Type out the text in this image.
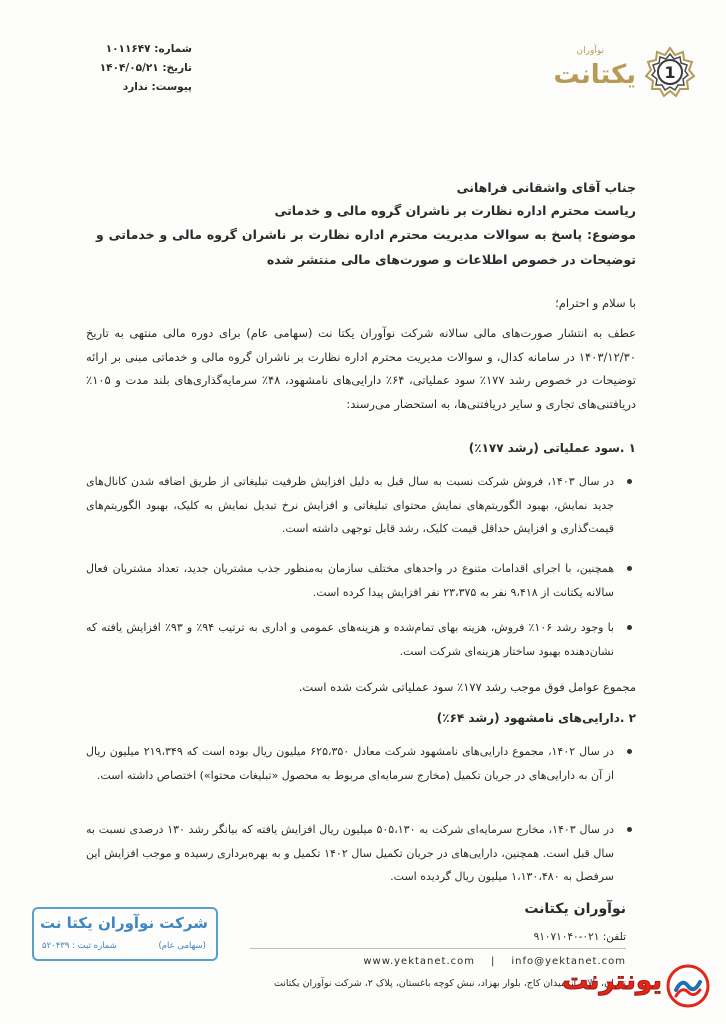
شماره: ۱۰۱۱۶۴۷
تاریخ: ۱۴۰۴/۰۵/۲۱
پیوست: ندارد
1
نوآوران
یکتانت
جناب آقای واشقانی فراهانی
ریاست محترم اداره نظارت بر ناشران گروه مالی و خدماتی
موضوع: پاسخ به سوالات مدیریت محترم اداره نظارت بر ناشران گروه مالی و خدماتی و توضیحات در خصوص اطلاعات و صورت‌های مالی منتشر شده
با سلام و احترام؛
عطف به انتشار صورت‌های مالی سالانه شرکت نوآوران یکتا نت (سهامی عام) برای دوره مالی منتهی به تاریخ ۱۴۰۳/۱۲/۳۰ در سامانه کدال، و سوالات مدیریت محترم اداره نظارت بر ناشران گروه مالی و خدماتی مبنی بر ارائه توضیحات در خصوص رشد ۱۷۷٪ سود عملیاتی، ۶۴٪ دارایی‌های نامشهود، ۴۸٪ سرمایه‌گذاری‌های بلند مدت و ۱۰۵٪ دریافتنی‌های تجاری و سایر دریافتنی‌ها، به استحضار می‌رسند:
۱ .سود عملیاتی (رشد ۱۷۷٪)
در سال ۱۴۰۳، فروش شرکت نسبت به سال قبل به دلیل افزایش ظرفیت تبلیغاتی از طریق اضافه شدن کانال‌های جدید نمایش، بهبود الگوریتم‌های نمایش محتوای تبلیغاتی و افزایش نرخ تبدیل نمایش به کلیک، بهبود الگوریتم‌های قیمت‌گذاری و افزایش حداقل قیمت کلیک، رشد قابل توجهی داشته است.
همچنین، با اجرای اقدامات متنوع در واحدهای مختلف سازمان به‌منظور جذب مشتریان جدید، تعداد مشتریان فعال سالانه یکتانت از ۹،۴۱۸ نفر به ۲۳،۳۷۵ نفر افزایش پیدا کرده است.
با وجود رشد ۱۰۶٪ فروش، هزینه بهای تمام‌شده و هزینه‌های عمومی و اداری به ترتیب ۹۴٪ و ۹۳٪ افزایش یافته که نشان‌دهنده بهبود ساختار هزینه‌ای شرکت است.
مجموع عوامل فوق موجب رشد ۱۷۷٪ سود عملیاتی شرکت شده است.
۲ .دارایی‌های نامشهود (رشد ۶۴٪)
در سال ۱۴۰۲، مجموع دارایی‌های نامشهود شرکت معادل ۶۲۵،۳۵۰ میلیون ریال بوده است که ۲۱۹،۳۴۹ میلیون ریال از آن به دارایی‌های در جریان تکمیل (مخارج سرمایه‌ای مربوط به محصول «تبلیغات محتوا») اختصاص داشته است.
در سال ۱۴۰۳، مخارج سرمایه‌ای شرکت به ۵۰۵،۱۳۰ میلیون ریال افزایش یافته که بیانگر رشد ۱۳۰ درصدی نسبت به سال قبل است. همچنین، دارایی‌های در جریان تکمیل سال ۱۴۰۲ تکمیل و به بهره‌برداری رسیده و موجب افزایش این سرفصل به ۱،۱۳۰،۴۸۰ میلیون ریال گردیده است.
نوآوران یکتانت
تلفن: ۰۲۱-۹۱۰۷۱۰۴۰
www.yektanet.com | info@yektanet.com
تهران، بالاتر از میدان کاج، بلوار بهزاد، نبش کوچه باغستان، پلاک ۲، شرکت نوآوران یکتانت
شرکت نوآوران یکتا نت
(سهامی عام)
شماره ثبت : ۵۲۰۴۳۹
یونترنت
